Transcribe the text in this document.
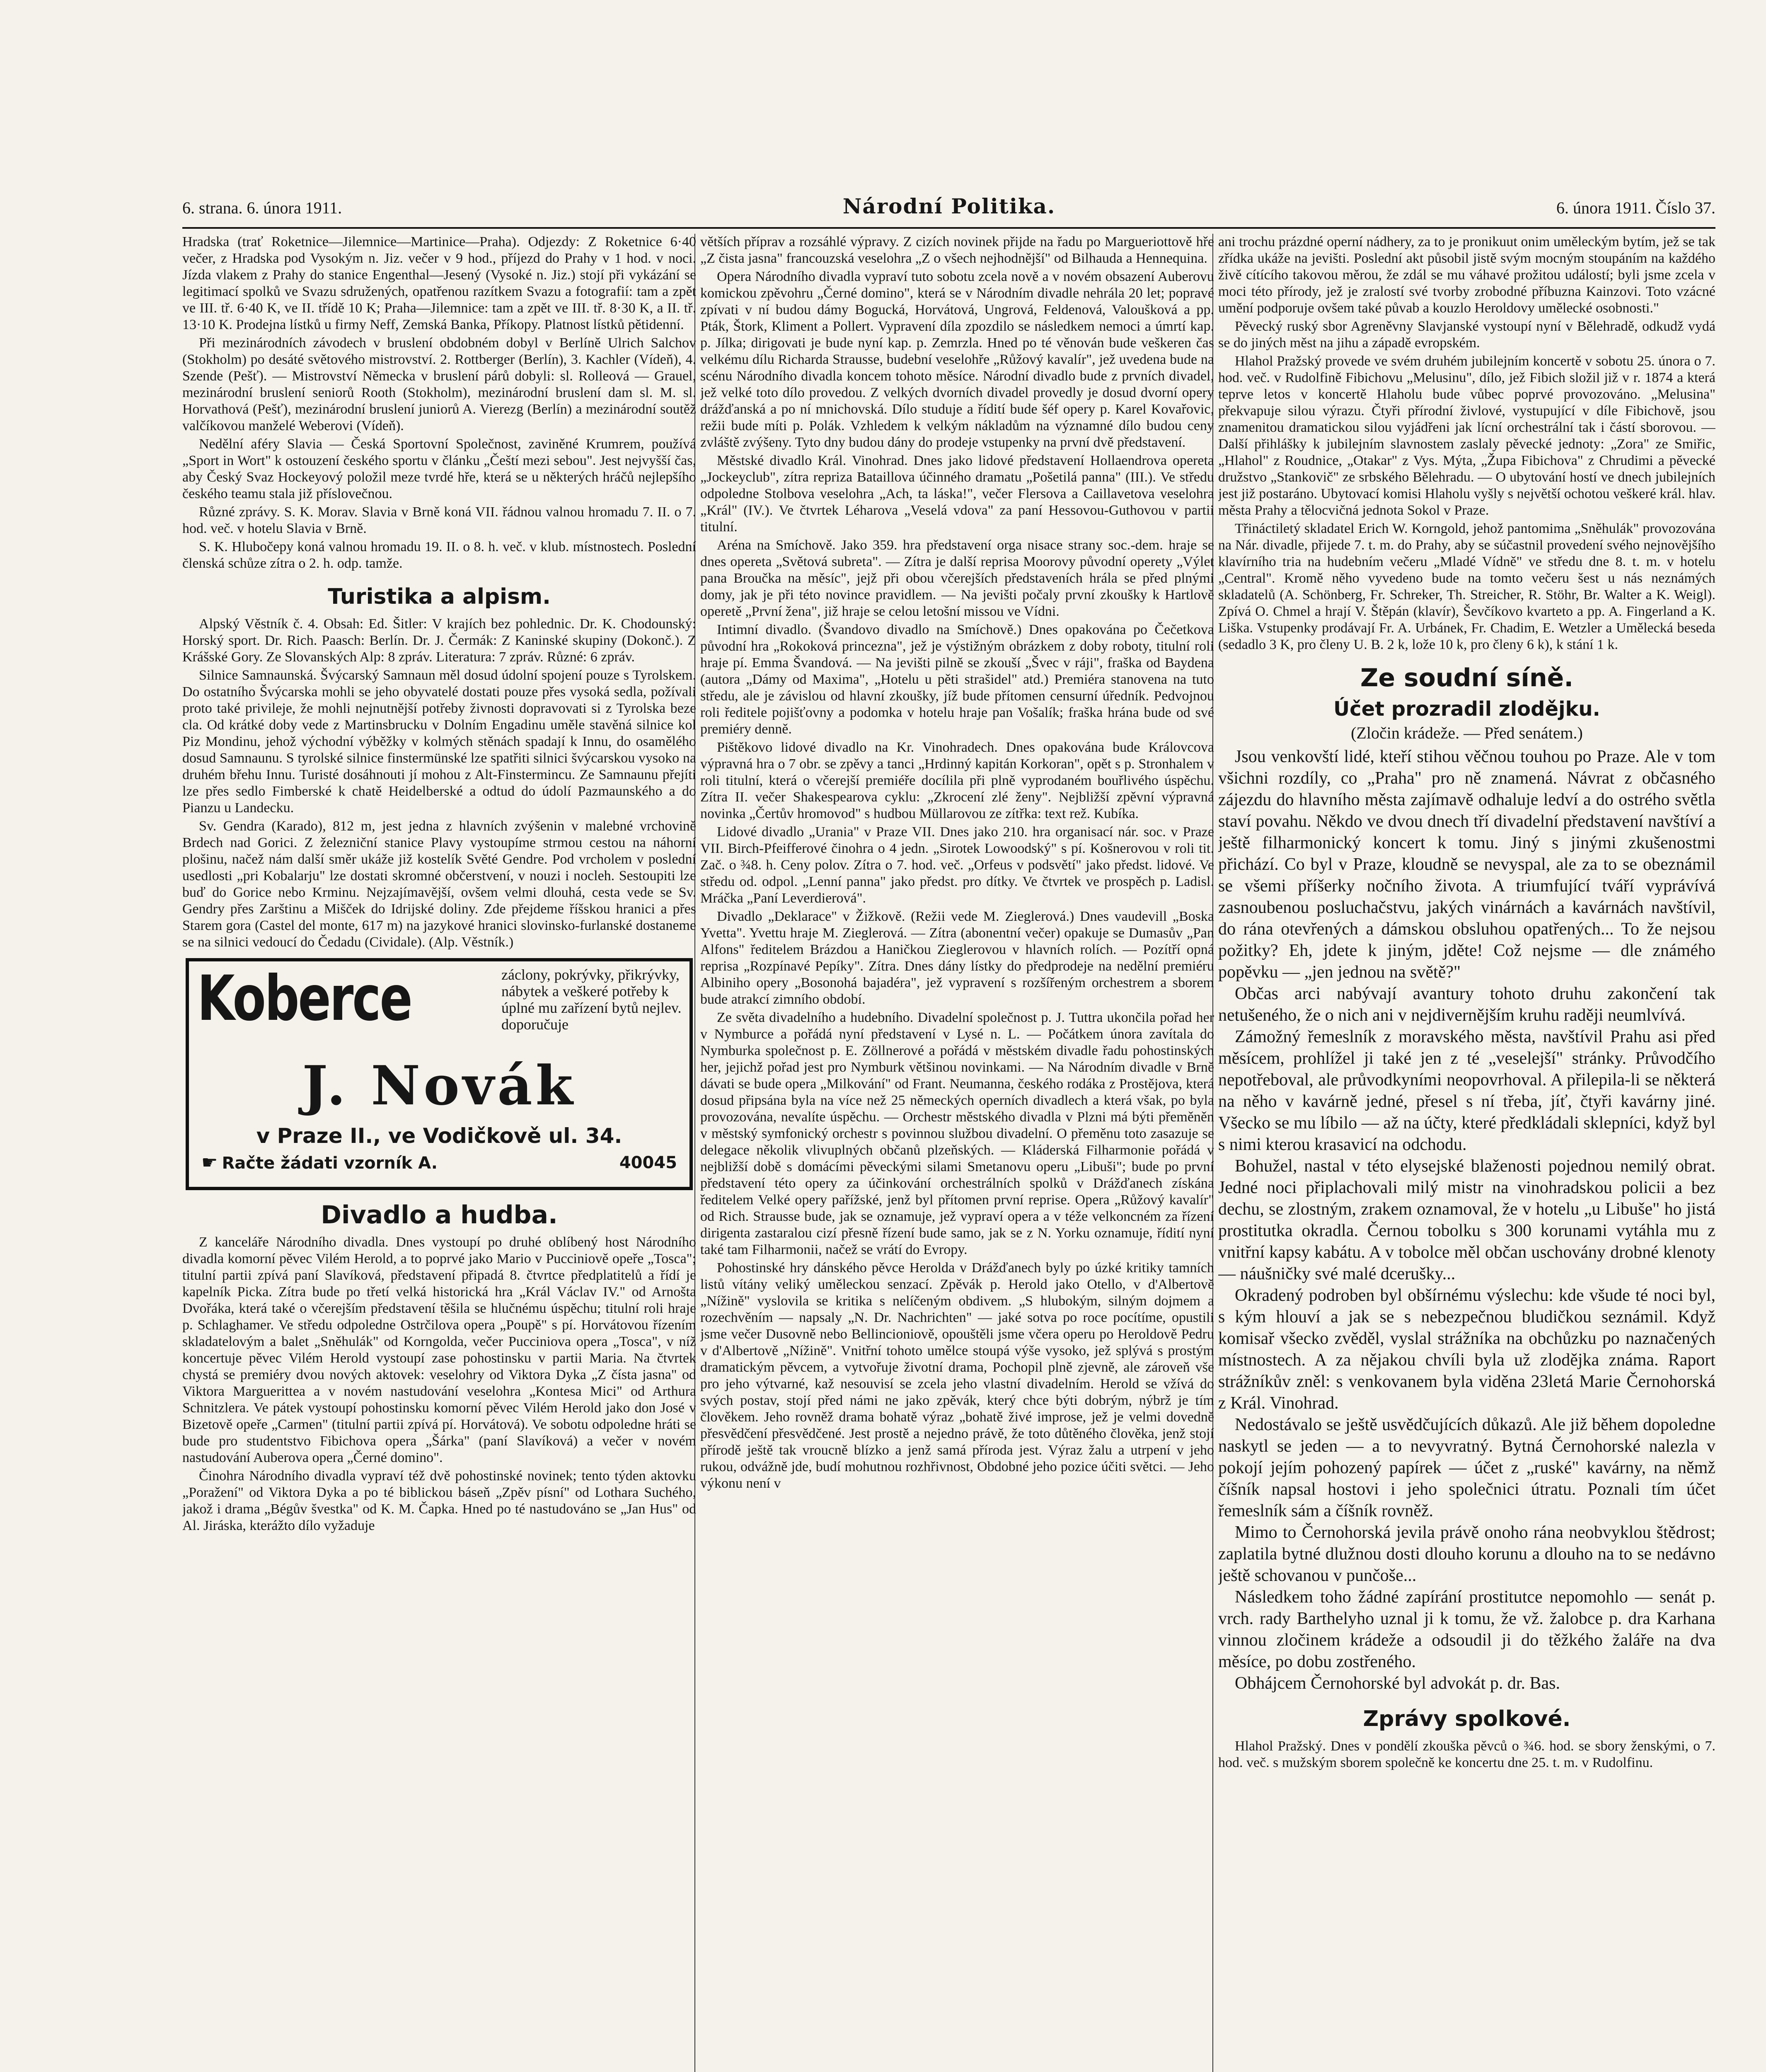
6. strana. 6. února 1911.	Národní Politika.	6. února 1911. Číslo 37.

Hradska (trať Roketnice—Jilemnice—Martinice—Praha). Odjezdy: Z Roketnice 6·40 večer, z Hradska pod Vysokým n. Jiz. večer v 9 hod., příjezd do Prahy v 1 hod. v noci. Jízda vlakem z Prahy do stanice Engenthal—Jesený (Vysoké n. Jiz.) stojí při vykázání se legitimací spolků ve Svazu sdružených, opatřenou razítkem Svazu a fotografií: tam a zpět ve III. tř. 6·40 K, ve II. třídě 10 K; Praha—Jilemnice: tam a zpět ve III. tř. 8·30 K, a II. tř. 13·10 K. Prodejna lístků u firmy Neff, Zemská Banka, Příkopy. Platnost lístků pětidenní.

Při mezinárodních závodech v bruslení obdobném dobyl v Berlíně Ulrich Salchov (Stokholm) po desáté světového mistrovství. 2. Rottberger (Berlín), 3. Kachler (Vídeň), 4. Szende (Pešť). — Mistrovství Německa v bruslení párů dobyli: sl. Rolleová — Grauel, mezinárodní bruslení seniorů Rooth (Stokholm), mezinárodní bruslení dam sl. M. sl. Horvathová (Pešť), mezinárodní bruslení juniorů A. Vierezg (Berlín) a mezinárodní soutěž valčíkovou manželé Weberovi (Vídeň).

Nedělní aféry Slavia — Česká Sportovní Společnost, zaviněné Krumrem, používá „Sport in Wort" k ostouzení českého sportu v článku „Čeští mezi sebou". Jest nejvyšší čas, aby Český Svaz Hockeyový položil meze tvrdé hře, která se u některých hráčů nejlepšího českého teamu stala již příslovečnou.

Různé zprávy. S. K. Morav. Slavia v Brně koná VII. řádnou valnou hromadu 7. II. o 7. hod. več. v hotelu Slavia v Brně.

S. K. Hlubočepy koná valnou hromadu 19. II. o 8. h. več. v klub. místnostech. Poslední členská schůze zítra o 2. h. odp. tamže.

Turistika a alpism.

Alpský Věstník č. 4. Obsah: Ed. Šitler: V krajích bez pohlednic. Dr. K. Chodounský: Horský sport. Dr. Rich. Paasch: Berlín. Dr. J. Čermák: Z Kaninské skupiny (Dokonč.). Z Krášské Gory. Ze Slovanských Alp: 8 zpráv. Literatura: 7 zpráv. Různé: 6 zpráv.

Silnice Samnaunská. Švýcarský Samnaun měl dosud údolní spojení pouze s Tyrolskem. Do ostatního Švýcarska mohli se jeho obyvatelé dostati pouze přes vysoká sedla, požívali proto také privileje, že mohli nejnutnější potřeby živnosti dopravovati si z Tyrolska beze cla. Od krátké doby vede z Martinsbrucku v Dolním Engadinu uměle stavěná silnice kol Piz Mondinu, jehož východní výběžky v kolmých stěnách spadají k Innu, do osamělého dosud Samnaunu. S tyrolské silnice finstermünské lze spatřiti silnici švýcarskou vysoko na druhém břehu Innu. Turisté dosáhnouti jí mohou z Alt-Finstermincu. Ze Samnaunu přejíti lze přes sedlo Fimberské k chatě Heidelberské a odtud do údolí Pazmaunského a do Pianzu u Landecku.

Sv. Gendra (Karado), 812 m, jest jedna z hlavních zvýšenin v malebné vrchovině Brdech nad Gorici. Z železniční stanice Plavy vystoupíme strmou cestou na náhorní plošinu, načež nám další směr ukáže již kostelík Světé Gendre. Pod vrcholem v poslední usedlosti „pri Kobalarju" lze dostati skromné občerstvení, v nouzi i nocleh. Sestoupiti lze buď do Gorice nebo Krminu. Nejzajímavější, ovšem velmi dlouhá, cesta vede se Sv. Gendry přes Zarštinu a Mišček do Idrijské doliny. Zde přejdeme říšskou hranici a přes Starem gora (Castel del monte, 617 m) na jazykové hranici slovinsko-furlanské dostaneme se na silnici vedoucí do Čedadu (Cividale). (Alp. Věstník.)

Koberce	záclony, pokrývky, přikrývky, nábytek a veškeré potřeby k úplné mu zařízení bytů nejlev. doporučuje
J. Novák
v Praze II., ve Vodičkově ul. 34.
☛ Račte žádati vzorník A.	40045
Divadlo a hudba.

Z kanceláře Národního divadla. Dnes vystoupí po druhé oblíbený host Národního divadla komorní pěvec Vilém Herold, a to poprvé jako Mario v Pucciniově opeře „Tosca"; titulní partii zpívá paní Slavíková, představení připadá 8. čtvrtce předplatitelů a řídí je kapelník Picka. Zítra bude po třetí velká historická hra „Král Václav IV." od Arnošta Dvořáka, která také o včerejším představení těšila se hlučnému úspěchu; titulní roli hraje p. Schlaghamer. Ve středu odpoledne Ostrčilova opera „Poupě" s pí. Horvátovou řízením skladatelovým a balet „Sněhulák" od Korngolda, večer Pucciniova opera „Tosca", v níž koncertuje pěvec Vilém Herold vystoupí zase pohostinsku v partii Maria. Na čtvrtek chystá se premiéry dvou nových aktovek: veselohry od Viktora Dyka „Z čísta jasna" od Viktora Marguerittea a v novém nastudování veselohra „Kontesa Mici" od Arthura Schnitzlera. Ve pátek vystoupí pohostinsku komorní pěvec Vilém Herold jako don José v Bizetově opeře „Carmen" (titulní partii zpívá pí. Horvátová). Ve sobotu odpoledne hráti se bude pro studentstvo Fibichova opera „Šárka" (paní Slavíková) a večer v novém nastudování Auberova opera „Černé domino".

Činohra Národního divadla vypraví též dvě pohostinské novinek; tento týden aktovku „Poražení" od Viktora Dyka a po té biblickou báseň „Zpěv písní" od Lothara Suchého, jakož i drama „Bégův švestka" od K. M. Čapka. Hned po té nastudováno se „Jan Hus" od Al. Jiráska, kterážto dílo vyžaduje

větších příprav a rozsáhlé výpravy. Z cizích novinek přijde na řadu po Margueriottově hře „Z čista jasna" francouzská veselohra „Z o všech nejhodnější" od Bilhauda a Hennequina.

Opera Národního divadla vypraví tuto sobotu zcela nově a v novém obsazení Auberovu komickou zpěvohru „Černé domino", která se v Národním divadle nehrála 20 let; popravé zpívati v ní budou dámy Bogucká, Horvátová, Ungrová, Feldenová, Valoušková a pp. Pták, Štork, Kliment a Pollert. Vypravení díla zpozdilo se následkem nemoci a úmrtí kap. p. Jílka; dirigovati je bude nyní kap. p. Zemrzla. Hned po té věnován bude veškeren čas velkému dílu Richarda Strausse, budební veselohře „Růžový kavalír", jež uvedena bude na scénu Národního divadla koncem tohoto měsíce. Národní divadlo bude z prvních divadel, jež velké toto dílo provedou. Z velkých dvorních divadel provedly je dosud dvorní opery drážďanská a po ní mnichovská. Dílo studuje a řídití bude šéf opery p. Karel Kovařovic, režii bude míti p. Polák. Vzhledem k velkým nákladům na významné dílo budou ceny zvláště zvýšeny. Tyto dny budou dány do prodeje vstupenky na první dvě představení.

Městské divadlo Král. Vinohrad. Dnes jako lidové představení Hollaendrova opereta „Jockeyclub", zítra repriza Bataillova účinného dramatu „Pošetilá panna" (III.). Ve středu odpoledne Stolbova veselohra „Ach, ta láska!", večer Flersova a Caillavetova veselohra „Král" (IV.). Ve čtvrtek Léharova „Veselá vdova" za paní Hessovou-Guthovou v partii titulní.

Aréna na Smíchově. Jako 359. hra představení orga nisace strany soc.-dem. hraje se dnes opereta „Světová subreta". — Zítra je další reprisa Moorovy původní operety „Výlet pana Broučka na měsíc", jejž při obou včerejších představeních hrála se před plnými domy, jak je při této novince pravidlem. — Na jevišti počaly první zkoušky k Hartlově operetě „První žena", již hraje se celou letošní missou ve Vídni.

Intimní divadlo. (Švandovo divadlo na Smíchově.) Dnes opakována po Čečetkova původní hra „Rokoková princezna", jež je výstižným obrázkem z doby roboty, titulní roli hraje pí. Emma Švandová. — Na jevišti pilně se zkouší „Švec v ráji", fraška od Baydena (autora „Dámy od Maxima", „Hotelu u pěti strašidel" atd.) Premiéra stanovena na tuto středu, ale je závislou od hlavní zkoušky, jíž bude přítomen censurní úředník. Pedvojnou roli ředitele pojišťovny a podomka v hotelu hraje pan Vošalík; fraška hrána bude od své premiéry denně.

Pištěkovo lidové divadlo na Kr. Vinohradech. Dnes opakována bude Královcova výpravná hra o 7 obr. se zpěvy a tanci „Hrdinný kapitán Korkoran", opět s p. Stronhalem v roli titulní, která o včerejší premiéře docílila při plně vyprodaném bouřlivého úspěchu. Zítra II. večer Shakespearova cyklu: „Zkrocení zlé ženy". Nejbližší zpěvní výpravná novinka „Čertův hromovod" s hudbou Müllarovou ze zítřka: text rež. Kubíka.

Lidové divadlo „Urania" v Praze VII. Dnes jako 210. hra organisací nár. soc. v Praze VII. Birch-Pfeifferové činohra o 4 jedn. „Sirotek Lowoodský" s pí. Košnerovou v roli tit. Zač. o ¾8. h. Ceny polov. Zítra o 7. hod. več. „Orfeus v podsvětí" jako předst. lidové. Ve středu od. odpol. „Lenní panna" jako předst. pro dítky. Ve čtvrtek ve prospěch p. Ladisl. Mráčka „Paní Leverdierová".

Divadlo „Deklarace" v Žižkově. (Režii vede M. Zieglerová.) Dnes vaudevill „Boska Yvetta". Yvettu hraje M. Zieglerová. — Zítra (abonentní večer) opakuje se Dumasův „Pan Alfons" ředitelem Brázdou a Haničkou Zieglerovou v hlavních rolích. — Pozítří opná reprisa „Rozpínavé Pepíky". Zítra. Dnes dány lístky do předprodeje na nedělní premiéru Albiniho opery „Bosonohá bajadéra", jež vypravení s rozšířeným orchestrem a sborem bude atrakcí zimního období.

Ze světa divadelního a hudebního. Divadelní společnost p. J. Tuttra ukončila pořad her v Nymburce a pořádá nyní představení v Lysé n. L. — Počátkem února zavítala do Nymburka společnost p. E. Zöllnerové a pořádá v městském divadle řadu pohostinských her, jejichž pořad jest pro Nymburk většinou novinkami. — Na Národním divadle v Brně dávati se bude opera „Milkování" od Frant. Neumanna, českého rodáka z Prostějova, která dosud připsána byla na více než 25 německých operních divadlech a která však, po byla provozována, nevalíte úspěchu. — Orchestr městského divadla v Plzni má býti přeměněn v městský symfonický orchestr s povinnou službou divadelní. O přeměnu toto zasazuje se delegace několik vlivuplných občanů plzeňských. — Kláderská Filharmonie pořádá v nejbližší době s domácími pěveckými silami Smetanovu operu „Libuši"; bude po první představení této opery za účinkování orchestrálních spolků v Drážďanech získána ředitelem Velké opery pařížské, jenž byl přítomen první reprise. Opera „Růžový kavalír" od Rich. Strausse bude, jak se oznamuje, jež vypraví opera a v téže velkoncném za řízení dirigenta zastaralou cizí přesně řízení bude samo, jak se z N. Yorku oznamuje, řídití nyní také tam Filharmonii, načež se vrátí do Evropy.

Pohostinské hry dánského pěvce Herolda v Drážďanech byly po úzké kritiky tamních listů vítány veliký uměleckou senzací. Zpěvák p. Herold jako Otello, v d'Albertově „Nížině" vyslovila se kritika s nelíčeným obdivem. „S hlubokým, silným dojmem a rozechvěním — napsaly „N. Dr. Nachrichten" — jaké sotva po roce pocítíme, opustili jsme večer Dusovně nebo Bellincioniově, opouštěli jsme včera operu po Heroldově Pedru v d'Albertově „Nížině". Vnitřní tohoto umělce stoupá výše vysoko, jež splývá s prostým dramatickým pěvcem, a vytvořuje životní drama, Pochopil plně zjevně, ale zároveň vše pro jeho výtvarné, kaž nesouvisí se zcela jeho vlastní divadelním. Herold se vžívá do svých postav, stojí před námi ne jako zpěvák, který chce býti dobrým, nýbrž je tím člověkem. Jeho rovněž drama bohatě výraz „bohatě živé improse, jež je velmi dovedně přesvědčení přesvědčené. Jest prostě a nejedno právě, že toto důtěného člověka, jenž stojí přírodě ještě tak vroucně blízko a jenž samá příroda jest. Výraz žalu a utrpení v jeho rukou, odvážně jde, budí mohutnou rozhřivnost, Obdobné jeho pozice účiti světci. — Jeho výkonu není v

ani trochu prázdné operní nádhery, za to je pronikuut onim uměleckým bytím, jež se tak zřídka ukáže na jevišti. Poslední akt působil jistě svým mocným stoupáním na každého živě cítícího takovou měrou, že zdál se mu váhavé prožitou událostí; byli jsme zcela v moci této přírody, jež je zralostí své tvorby zrobodné příbuzna Kainzovi. Toto vzácné umění podporuje ovšem také půvab a kouzlo Heroldovy umělecké osobnosti."

Pěvecký ruský sbor Agreněvny Slavjanské vystoupí nyní v Bělehradě, odkudž vydá se do jiných měst na jihu a západě evropském.

Hlahol Pražský provede ve svém druhém jubilejním koncertě v sobotu 25. února o 7. hod. več. v Rudolfině Fibichovu „Melusinu", dílo, jež Fibich složil již v r. 1874 a která teprve letos v koncertě Hlaholu bude vůbec poprvé provozováno. „Melusina" překvapuje silou výrazu. Čtyři přírodní živlové, vystupující v díle Fibichově, jsou znamenitou dramatickou silou vyjádřeni jak lícní orchestrální tak i částí sborovou. — Další přihlášky k jubilejním slavnostem zaslaly pěvecké jednoty: „Zora" ze Smiřic, „Hlahol" z Roudnice, „Otakar" z Vys. Mýta, „Župa Fibichova" z Chrudimi a pěvecké družstvo „Stankovič" ze srbského Bělehradu. — O ubytování hostí ve dnech jubilejních jest již postaráno. Ubytovací komisi Hlaholu vyšly s největší ochotou veškeré král. hlav. města Prahy a tělocvičná jednota Sokol v Praze.

Třináctiletý skladatel Erich W. Korngold, jehož pantomima „Sněhulák" provozována na Nár. divadle, přijede 7. t. m. do Prahy, aby se súčastnil provedení svého nejnovějšího klavírního tria na hudebním večeru „Mladé Vídně" ve středu dne 8. t. m. v hotelu „Central". Kromě něho vyvedeno bude na tomto večeru šest u nás neznámých skladatelů (A. Schönberg, Fr. Schreker, Th. Streicher, R. Stöhr, Br. Walter a K. Weigl). Zpívá O. Chmel a hrají V. Štěpán (klavír), Ševčíkovo kvarteto a pp. A. Fingerland a K. Liška. Vstupenky prodávají Fr. A. Urbánek, Fr. Chadim, E. Wetzler a Umělecká beseda (sedadlo 3 K, pro členy U. B. 2 k, lože 10 k, pro členy 6 k), k stání 1 k.

Ze soudní síně.
Účet prozradil zlodějku.
(Zločin krádeže. — Před senátem.)

Jsou venkovští lidé, kteří stihou věčnou touhou po Praze. Ale v tom všichni rozdíly, co „Praha" pro ně znamená. Návrat z občasného zájezdu do hlavního města zajímavě odhaluje ledví a do ostrého světla staví povahu. Někdo ve dvou dnech tří divadelní představení navštíví a ještě filharmonický koncert k tomu. Jiný s jinými zkušenostmi přichází. Co byl v Praze, kloudně se nevyspal, ale za to se obeznámil se všemi příšerky nočního života. A triumfující tváří vyprávívá zasnoubenou posluchačstvu, jakých vinárnách a kavárnách navštívil, do rána otevřených a dámskou obsluhou opatřených... To že nejsou požitky? Eh, jdete k jiným, jděte! Což nejsme — dle známého popěvku — „jen jednou na světě?"

Občas arci nabývají avantury tohoto druhu zakončení tak netušeného, že o nich ani v nejdivernějším kruhu raději neumlvívá.

Zámožný řemeslník z moravského města, navštívil Prahu asi před měsícem, prohlížel ji také jen z té „veselejší" stránky. Průvodčího nepotřeboval, ale průvodkyními neopovrhoval. A přilepila-li se některá na něho v kavárně jedné, přesel s ní třeba, jíť, čtyři kavárny jiné. Všecko se mu líbilo — až na účty, které předkládali sklepníci, když byl s nimi kterou krasavicí na odchodu.

Bohužel, nastal v této elysejské blaženosti pojednou nemilý obrat. Jedné noci připlachovali milý mistr na vinohradskou policii a bez dechu, se zlostným, zrakem oznamoval, že v hotelu „u Libuše" ho jistá prostitutka okradla. Černou tobolku s 300 korunami vytáhla mu z vnitřní kapsy kabátu. A v tobolce měl občan uschovány drobné klenoty — náušničky své malé dcerušky...

Okradený podroben byl obšírnému výslechu: kde všude té noci byl, s kým hlouví a jak se s nebezpečnou bludičkou seznámil. Když komisař všecko zvěděl, vyslal strážníka na obchůzku po naznačených místnostech. A za nějakou chvíli byla už zlodějka známa. Raport strážníkův zněl: s venkovanem byla viděna 23letá Marie Černohorská z Král. Vinohrad.

Nedostávalo se ještě usvědčujících důkazů. Ale již během dopoledne naskytl se jeden — a to nevyvratný. Bytná Černohorské nalezla v pokojí jejím pohozený papírek — účet z „ruské" kavárny, na němž číšník napsal hostovi i jeho společnici útratu. Poznali tím účet řemeslník sám a číšník rovněž.

Mimo to Černohorská jevila právě onoho rána neobvyklou štědrost; zaplatila bytné dlužnou dosti dlouho korunu a dlouho na to se nedávno ještě schovanou v punčoše...

Následkem toho žádné zapírání prostitutce nepomohlo — senát p. vrch. rady Barthelyho uznal ji k tomu, že vž. žalobce p. dra Karhana vinnou zločinem krádeže a odsoudil ji do těžkého žaláře na dva měsíce, po dobu zostřeného.

Obhájcem Černohorské byl advokát p. dr. Bas.

Zprávy spolkové.

Hlahol Pražský. Dnes v pondělí zkouška pěvců o ¾6. hod. se sbory ženskými, o 7. hod. več. s mužským sborem společně ke koncertu dne 25. t. m. v Rudolfinu.
